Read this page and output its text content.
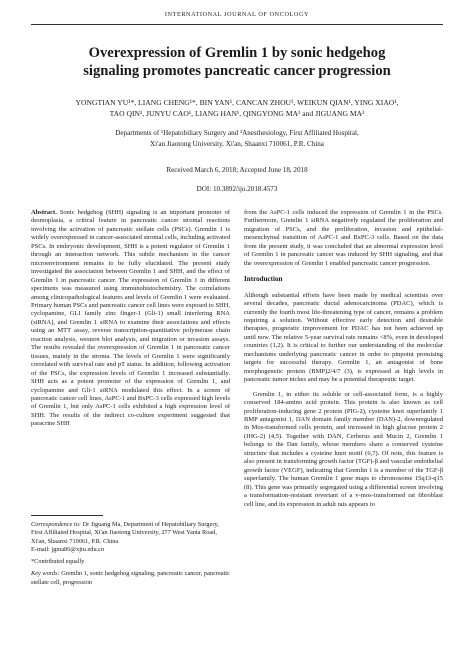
INTERNATIONAL JOURNAL OF ONCOLOGY
Overexpression of Gremlin 1 by sonic hedgehog
signaling promotes pancreatic cancer progression
YONGTIAN YU¹*, LIANG CHENG¹*, BIN YAN¹, CANCAN ZHOU¹, WEIKUN QIAN¹, YING XIAO¹,
TAO QIN¹, JUNYU CAO¹, LIANG HAN¹, QINGYONG MA¹ and JIGUANG MA²
Departments of ¹Hepatobiliary Surgery and ²Anesthesiology, First Affiliated Hospital,
Xi'an Jiaotong University, Xi'an, Shaanxi 710061, P.R. China
Received March 6, 2018; Accepted June 18, 2018
DOI: 10.3892/ijo.2018.4573

Abstract. Sonic hedgehog (SHH) signaling is an important promoter of desmoplasia, a critical feature in pancreatic cancer stromal reactions involving the activation of pancreatic stellate cells (PSCs). Gremlin 1 is widely overexpressed in cancer-associated stromal cells, including activated PSCs. In embryonic development, SHH is a potent regulator of Gremlin 1 through an interaction network. This subtle mechanism in the cancer microenvironment remains to be fully elucidated. The present study investigated the association between Gremlin 1 and SHH, and the effect of Gremlin 1 in pancreatic cancer. The expression of Gremlin 1 in different specimens was measured using immunohistochemistry. The correlations among clinicopathological features and levels of Gremlin 1 were evaluated. Primary human PSCs and pancreatic cancer cell lines were exposed to SHH, cyclopamine, GLI family zinc finger-1 (Gli-1) small interfering RNA (siRNA), and Gremlin 1 siRNA to examine their associations and effects using an MTT assay, reverse transcription-quantitative polymerase chain reaction analysis, western blot analysis, and migration or invasion assays. The results revealed the overexpression of Gremlin 1 in pancreatic cancer tissues, mainly in the stroma. The levels of Gremlin 1 were significantly correlated with survival rate and pT status. In addition, following activation of the PSCs, the expression levels of Gremlin 1 increased substantially. SHH acts as a potent promoter of the expression of Gremlin 1, and cyclopamine and Gli-1 siRNA modulated this effect. In a screen of pancreatic cancer cell lines, AsPC-1 and BxPC-3 cells expressed high levels of Gremlin 1, but only AsPC-1 cells exhibited a high expression level of SHH. The results of the indirect co-culture experiment suggested that paracrine SHH

Correspondence to: Dr Jiguang Ma, Department of Hepatobiliary Surgery, First Affiliated Hospital, Xi'an Jiaotong University, 277 West Yanta Road, Xi'an, Shaanxi 710061, P.R. China
E-mail: jgma86@xjtu.edu.cn

*Contributed equally

Key words: Gremlin 1, sonic hedgehog signaling, pancreatic cancer, pancreatic stellate cell, progression

from the AsPC-1 cells induced the expression of Gremlin 1 in the PSCs. Furthermore, Gremlin 1 siRNA negatively regulated the proliferation and migration of PSCs, and the proliferation, invasion and epithelial-mesenchymal transition of AsPC-1 and BxPC-3 cells. Based on the data from the present study, it was concluded that an abnormal expression level of Gremlin 1 in pancreatic cancer was induced by SHH signaling, and that the overexpression of Gremlin 1 enabled pancreatic cancer progression.

Introduction

Although substantial efforts have been made by medical scientists over several decades, pancreatic ductal adenocarcinoma (PDAC), which is currently the fourth most life-threatening type of cancer, remains a problem requiring a solution. Without effective early detection and desirable therapies, prognostic improvement for PDAC has not been achieved up until now. The relative 5-year survival rate remains <8%, even in developed countries (1,2). It is critical to further our understanding of the molecular mechanisms underlying pancreatic cancer in order to pinpoint promising targets for successful therapy. Gremlin 1, an antagonist of bone morphogenetic protein (BMP)2/4/7 (3), is expressed at high levels in pancreatic tumor niches and may be a potential therapeutic target.

Gremlin 1, in either its soluble or cell-associated form, is a highly conserved 184-amino acid protein. This protein is also known as cell proliferation-inducing gene 2 protein (PIG-2), cysteine knot superfamily 1 BMP antagonist 1, DAN domain family member (DAN)-2, downregulated in Mos-transformed cells protein, and increased in high glucose protein 2 (IHG-2) (4,5). Together with DAN, Cerberus and Mucin 2, Gremlin 1 belongs to the Dan family, whose members share a conserved cysteine structure that includes a cysteine knot motif (6,7). Of note, this feature is also present in transforming growth factor (TGF)-β and vascular endothelial growth factor (VEGF), indicating that Gremlin 1 is a member of the TGF-β superfamily. The human Gremlin 1 gene maps to chromosome 15q13-q15 (8). This gene was primarily segregated using a differential screen involving a transformation-resistant revertant of a v-mos-transformed rat fibroblast cell line, and its expression in adult rats appears to
